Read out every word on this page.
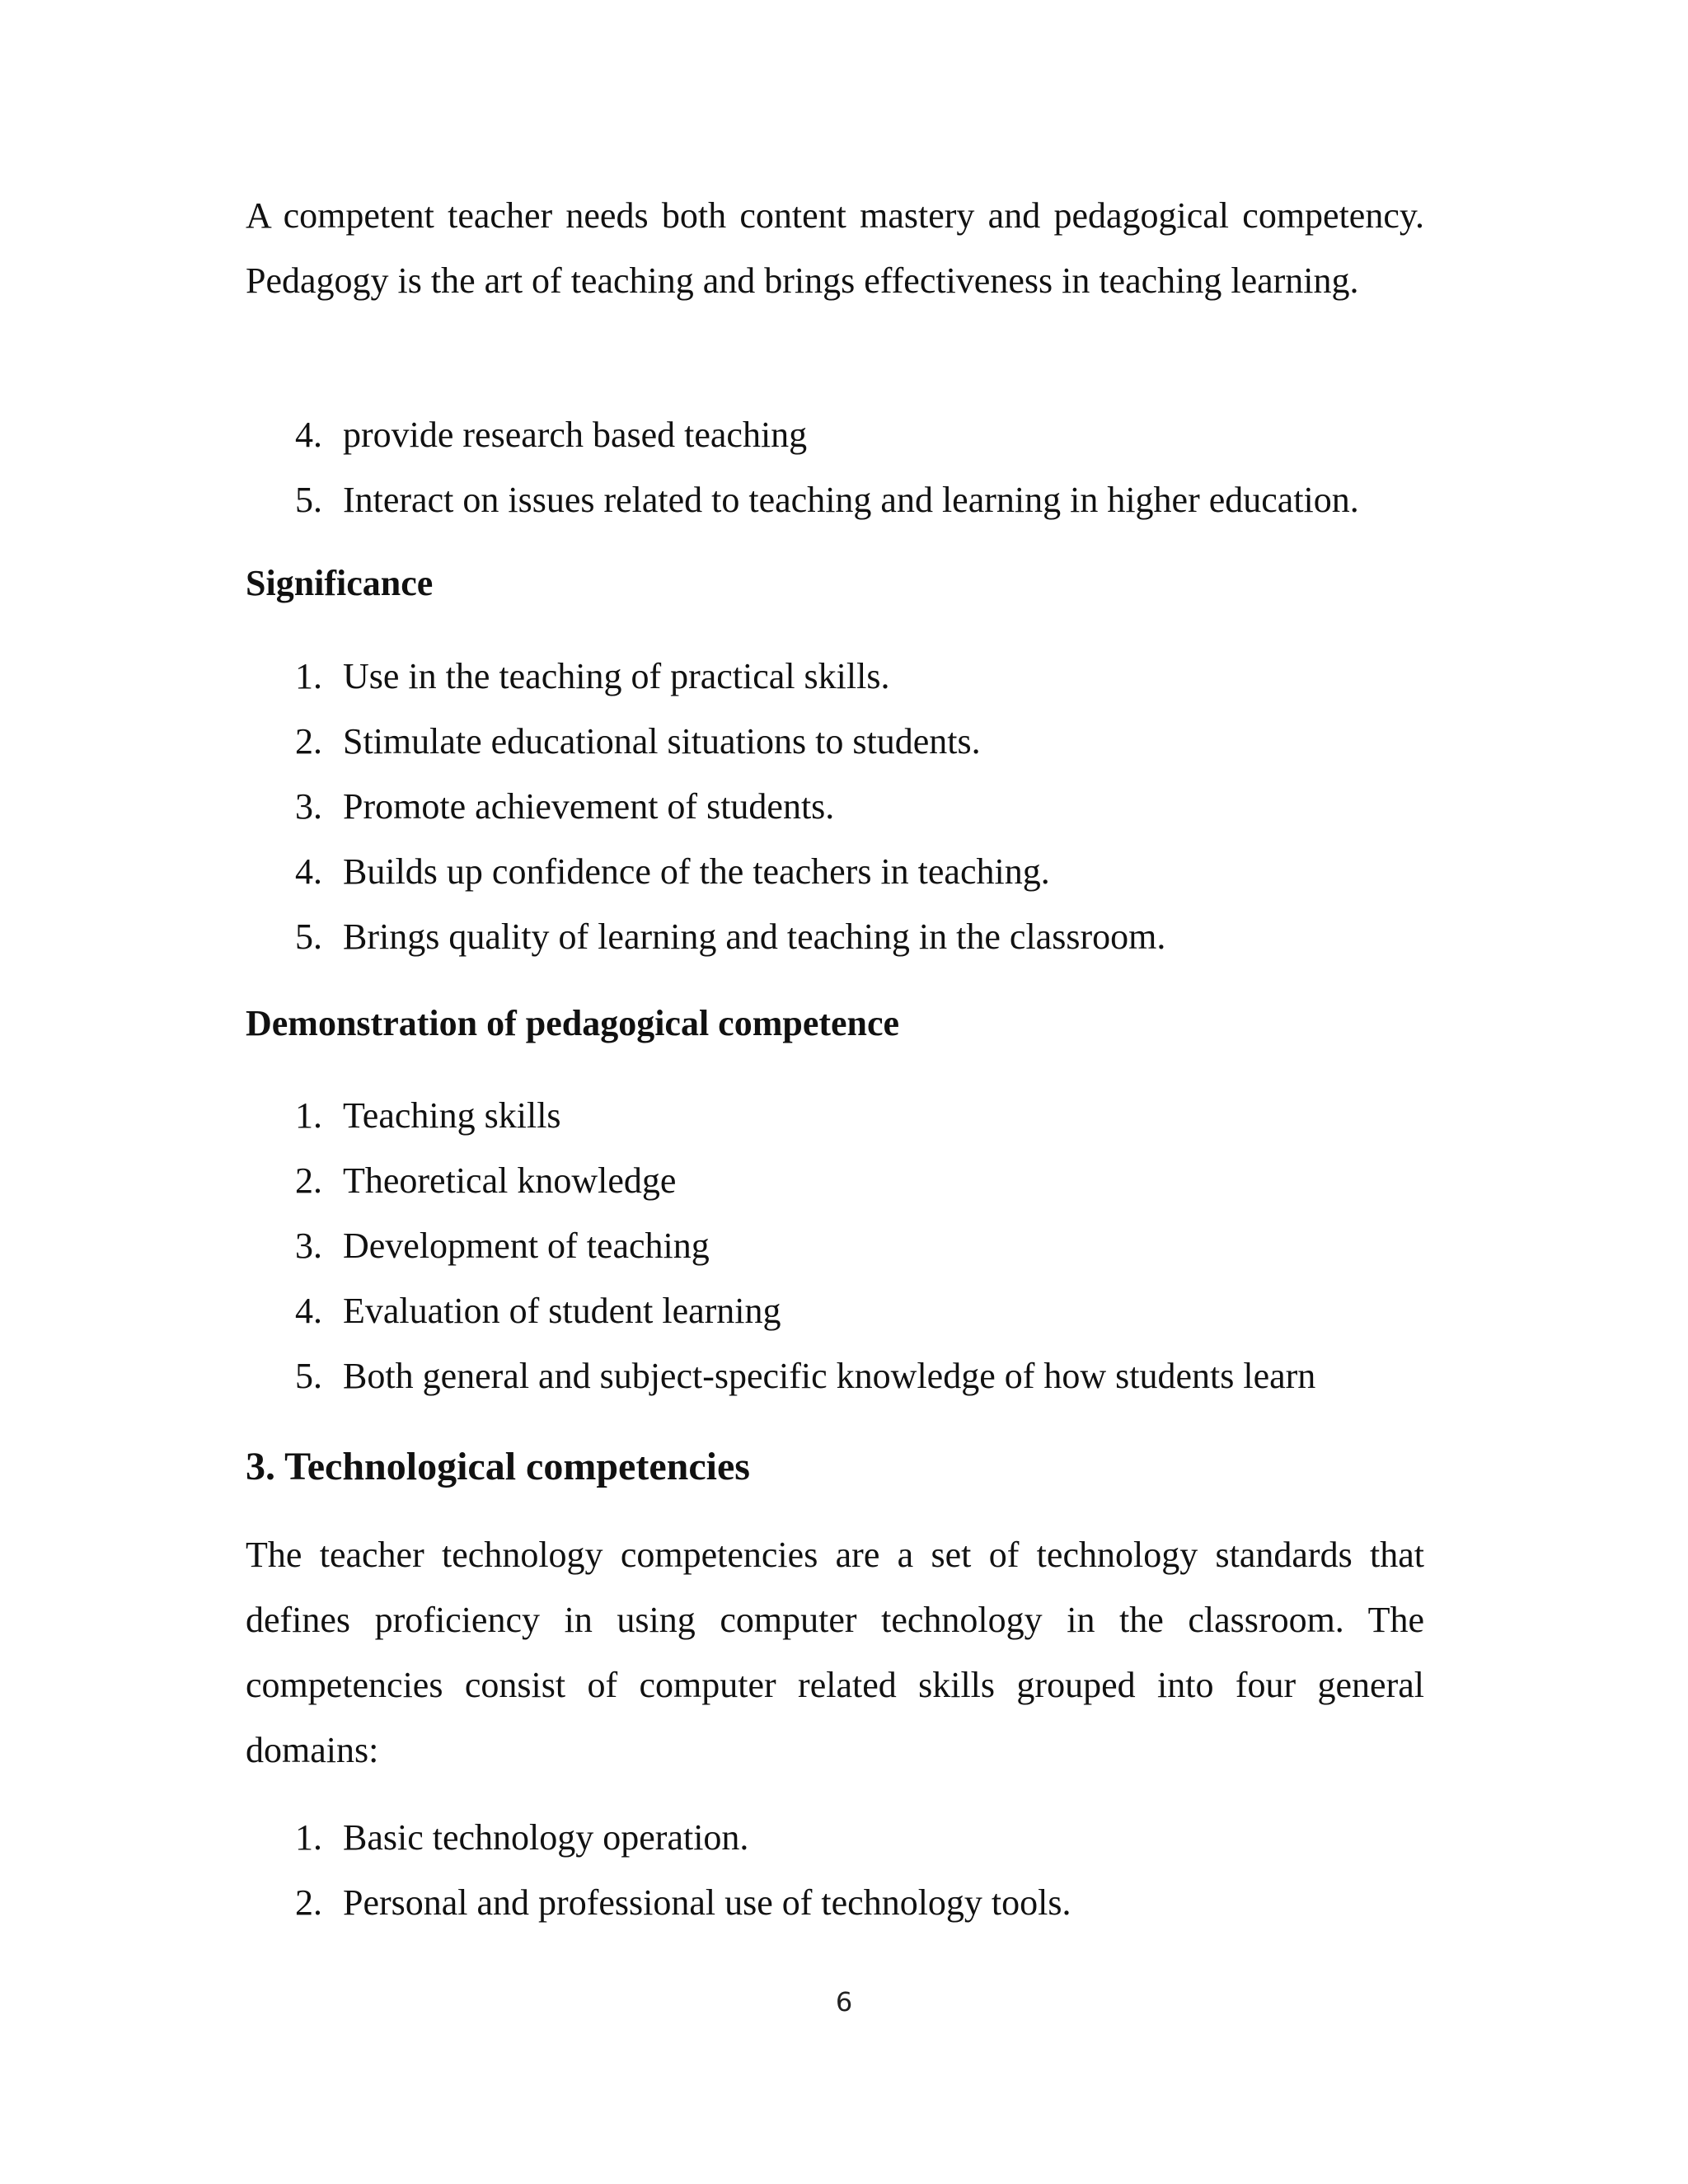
A competent teacher needs both content mastery and pedagogical competency. Pedagogy is the art of teaching and brings effectiveness in teaching learning.

4. provide research based teaching
5. Interact on issues related to teaching and learning in higher education.
Significance
1. Use in the teaching of practical skills.
2. Stimulate educational situations to students.
3. Promote achievement of students.
4. Builds up confidence of the teachers in teaching.
5. Brings quality of learning and teaching in the classroom.
Demonstration of pedagogical competence
1. Teaching skills
2. Theoretical knowledge
3. Development of teaching
4. Evaluation of student learning
5. Both general and subject-specific knowledge of how students learn
3. Technological competencies

The teacher technology competencies are a set of technology standards that defines proficiency in using computer technology in the classroom. The competencies consist of computer related skills grouped into four general domains:

1. Basic technology operation.
2. Personal and professional use of technology tools.
6
